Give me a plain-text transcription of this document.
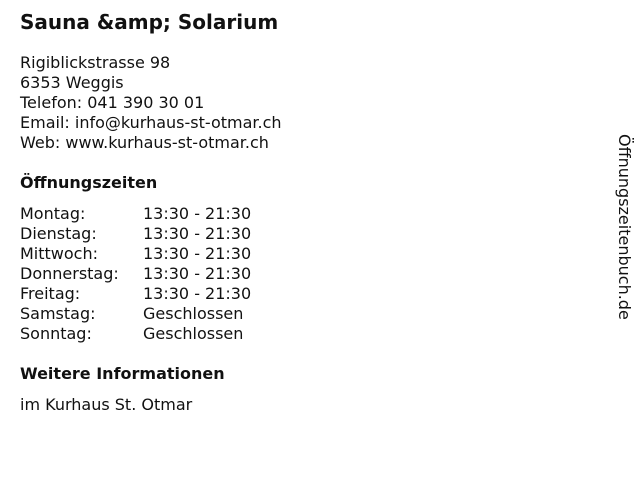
Sauna &amp; Solarium
Rigiblickstrasse 98
6353 Weggis
Telefon: 041 390 30 01
Email: info@kurhaus-st-otmar.ch
Web: www.kurhaus-st-otmar.ch
Öffnungszeiten
Montag:	13:30 - 21:30
Dienstag:	13:30 - 21:30
Mittwoch:	13:30 - 21:30
Donnerstag:	13:30 - 21:30
Freitag:	13:30 - 21:30
Samstag:	Geschlossen
Sonntag:	Geschlossen
Weitere Informationen
im Kurhaus St. Otmar
Öffnungszeitenbuch.de
